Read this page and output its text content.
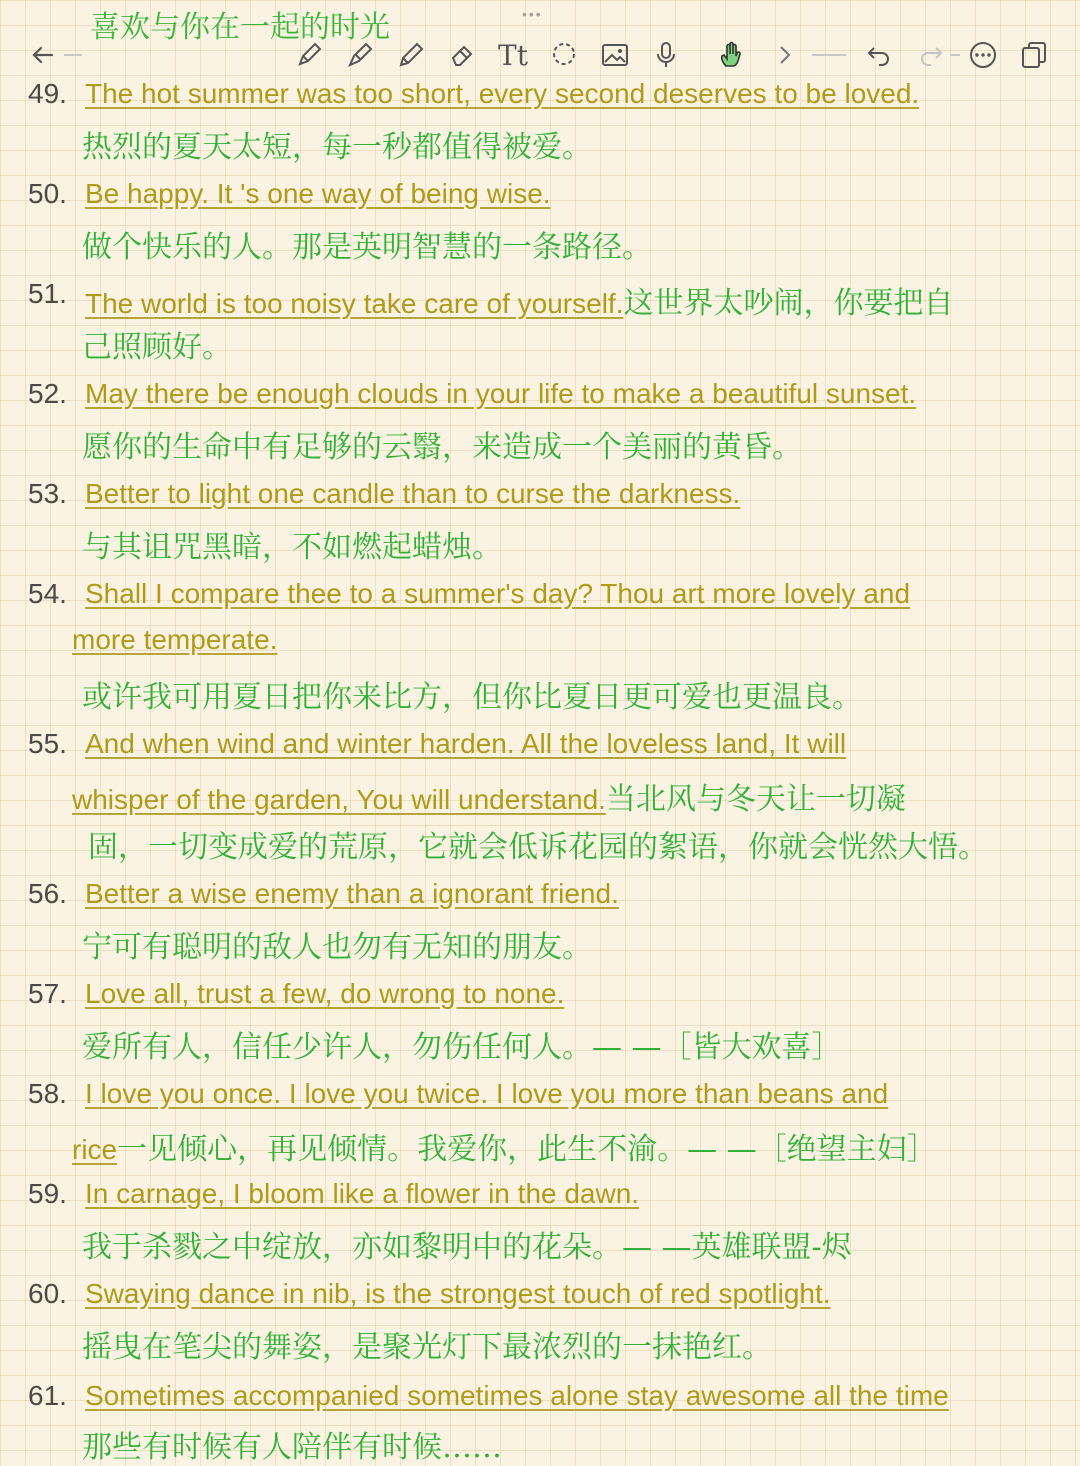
喜欢与你在一起的时光	•••
Tt
49. The hot summer was too short, every second deserves to be loved.
热烈的夏天太短，每一秒都值得被爱。
50. Be happy. It 's one way of being wise.
做个快乐的人。那是英明智慧的一条路径。
51. The world is too noisy take care of yourself.这世界太吵闹，你要把自
己照顾好。
52. May there be enough clouds in your life to make a beautiful sunset.
愿你的生命中有足够的云翳，来造成一个美丽的黄昏。
53. Better to light one candle than to curse the darkness.
与其诅咒黑暗，不如燃起蜡烛。
54. Shall I compare thee to a summer's day? Thou art more lovely and
more temperate.
或许我可用夏日把你来比方，但你比夏日更可爱也更温良。
55. And when wind and winter harden. All the loveless land, It will
whisper of the garden, You will understand.当北风与冬天让一切凝
固，一切变成爱的荒原，它就会低诉花园的絮语，你就会恍然大悟。
56. Better a wise enemy than a ignorant friend.
宁可有聪明的敌人也勿有无知的朋友。
57. Love all, trust a few, do wrong to none.
爱所有人，信任少许人，勿伤任何人。— —［皆大欢喜］
58. I love you once. I love you twice. I love you more than beans and
rice一见倾心，再见倾情。我爱你，此生不渝。— —［绝望主妇］
59. In carnage, I bloom like a flower in the dawn.
我于杀戮之中绽放，亦如黎明中的花朵。— —英雄联盟-烬
60. Swaying dance in nib, is the strongest touch of red spotlight.
摇曳在笔尖的舞姿，是聚光灯下最浓烈的一抹艳红。
61. Sometimes accompanied sometimes alone stay awesome all the time
那些有时候有人陪伴有时候……
